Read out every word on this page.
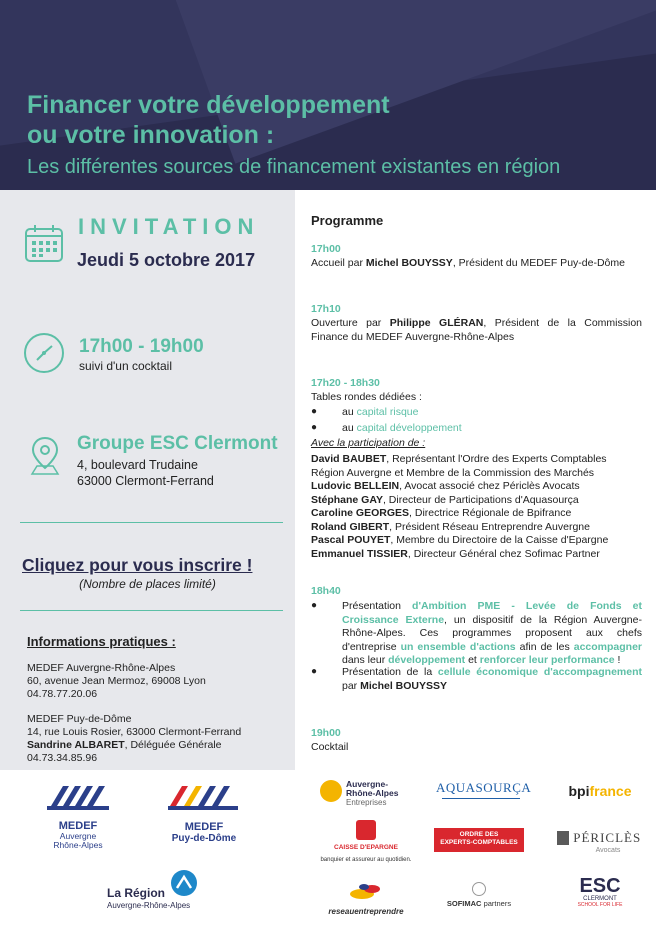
Financer votre développement
ou votre innovation :
Les différentes sources de financement existantes en région
INVITATION
Jeudi 5 octobre 2017
17h00 - 19h00
suivi d'un cocktail
Groupe ESC Clermont
4, boulevard Trudaine
63000 Clermont-Ferrand
Cliquez pour vous inscrire !
(Nombre de places limité)
Informations pratiques :
MEDEF Auvergne-Rhône-Alpes
60, avenue Jean Mermoz, 69008 Lyon
04.78.77.20.06
MEDEF Puy-de-Dôme
14, rue Louis Rosier, 63000 Clermont-Ferrand
Sandrine ALBARET, Déléguée Générale
04.73.34.85.96
Programme
17h00
Accueil par Michel BOUYSSY, Président du MEDEF Puy-de-Dôme
17h10
Ouverture par Philippe GLÉRAN, Président de la Commission Finance du MEDEF Auvergne-Rhône-Alpes
17h20 - 18h30
Tables rondes dédiées :
● au capital risque
● au capital développement
Avec la participation de :
David BAUBET, Représentant l'Ordre des Experts Comptables
Région Auvergne et Membre de la Commission des Marchés
Ludovic BELLEIN, Avocat associé chez Périclès Avocats
Stéphane GAY, Directeur de Participations d'Aquasourça
Caroline GEORGES, Directrice Régionale de Bpifrance
Roland GIBERT, Président Réseau Entreprendre Auvergne
Pascal POUYET, Membre du Directoire de la Caisse d'Epargne
Emmanuel TISSIER, Directeur Général chez Sofimac Partner
18h40
● Présentation d'Ambition PME - Levée de Fonds et Croissance Externe, un dispositif de la Région Auvergne-Rhône-Alpes. Ces programmes proposent aux chefs d'entreprise un ensemble d'actions afin de les accompagner dans leur développement et renforcer leur performance !
● Présentation de la cellule économique d'accompagnement par Michel BOUYSSY
19h00
Cocktail
MEDEF
Auvergne
Rhône-Alpes
MEDEF
Puy-de-Dôme
La Région
Auvergne-Rhône-Alpes
Auvergne-
Rhône-Alpes
Entreprises
AQUASOURÇA	bpifrance
CAISSE D'EPARGNE
banquier et assureur au quotidien.
ORDRE DES
EXPERTS-COMPTABLES	PÉRICLÈS
Avocats
reseauentreprendre
SOFIMAC partners
ESC
CLERMONT
SCHOOL FOR LIFE
